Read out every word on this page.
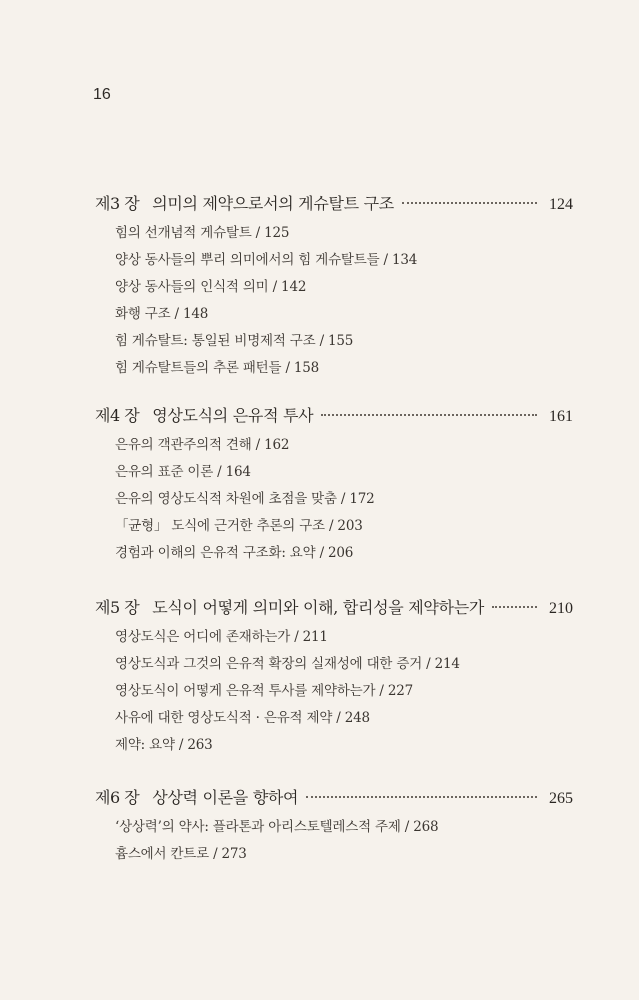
16
제3 장 의미의 제약으로서의 게슈탈트 구조	124
힘의 선개념적 게슈탈트 / 125
양상 동사들의 뿌리 의미에서의 힘 게슈탈트들 / 134
양상 동사들의 인식적 의미 / 142
화행 구조 / 148
힘 게슈탈트: 통일된 비명제적 구조 / 155
힘 게슈탈트들의 추론 패턴들 / 158
제4 장 영상도식의 은유적 투사	161
은유의 객관주의적 견해 / 162
은유의 표준 이론 / 164
은유의 영상도식적 차원에 초점을 맞춤 / 172
「균형」 도식에 근거한 추론의 구조 / 203
경험과 이해의 은유적 구조화: 요약 / 206
제5 장 도식이 어떻게 의미와 이해, 합리성을 제약하는가	210
영상도식은 어디에 존재하는가 / 211
영상도식과 그것의 은유적 확장의 실재성에 대한 증거 / 214
영상도식이 어떻게 은유적 투사를 제약하는가 / 227
사유에 대한 영상도식적 · 은유적 제약 / 248
제약: 요약 / 263
제6 장 상상력 이론을 향하여	265
‘상상력’의 약사: 플라톤과 아리스토텔레스적 주제 / 268
흄스에서 칸트로 / 273
